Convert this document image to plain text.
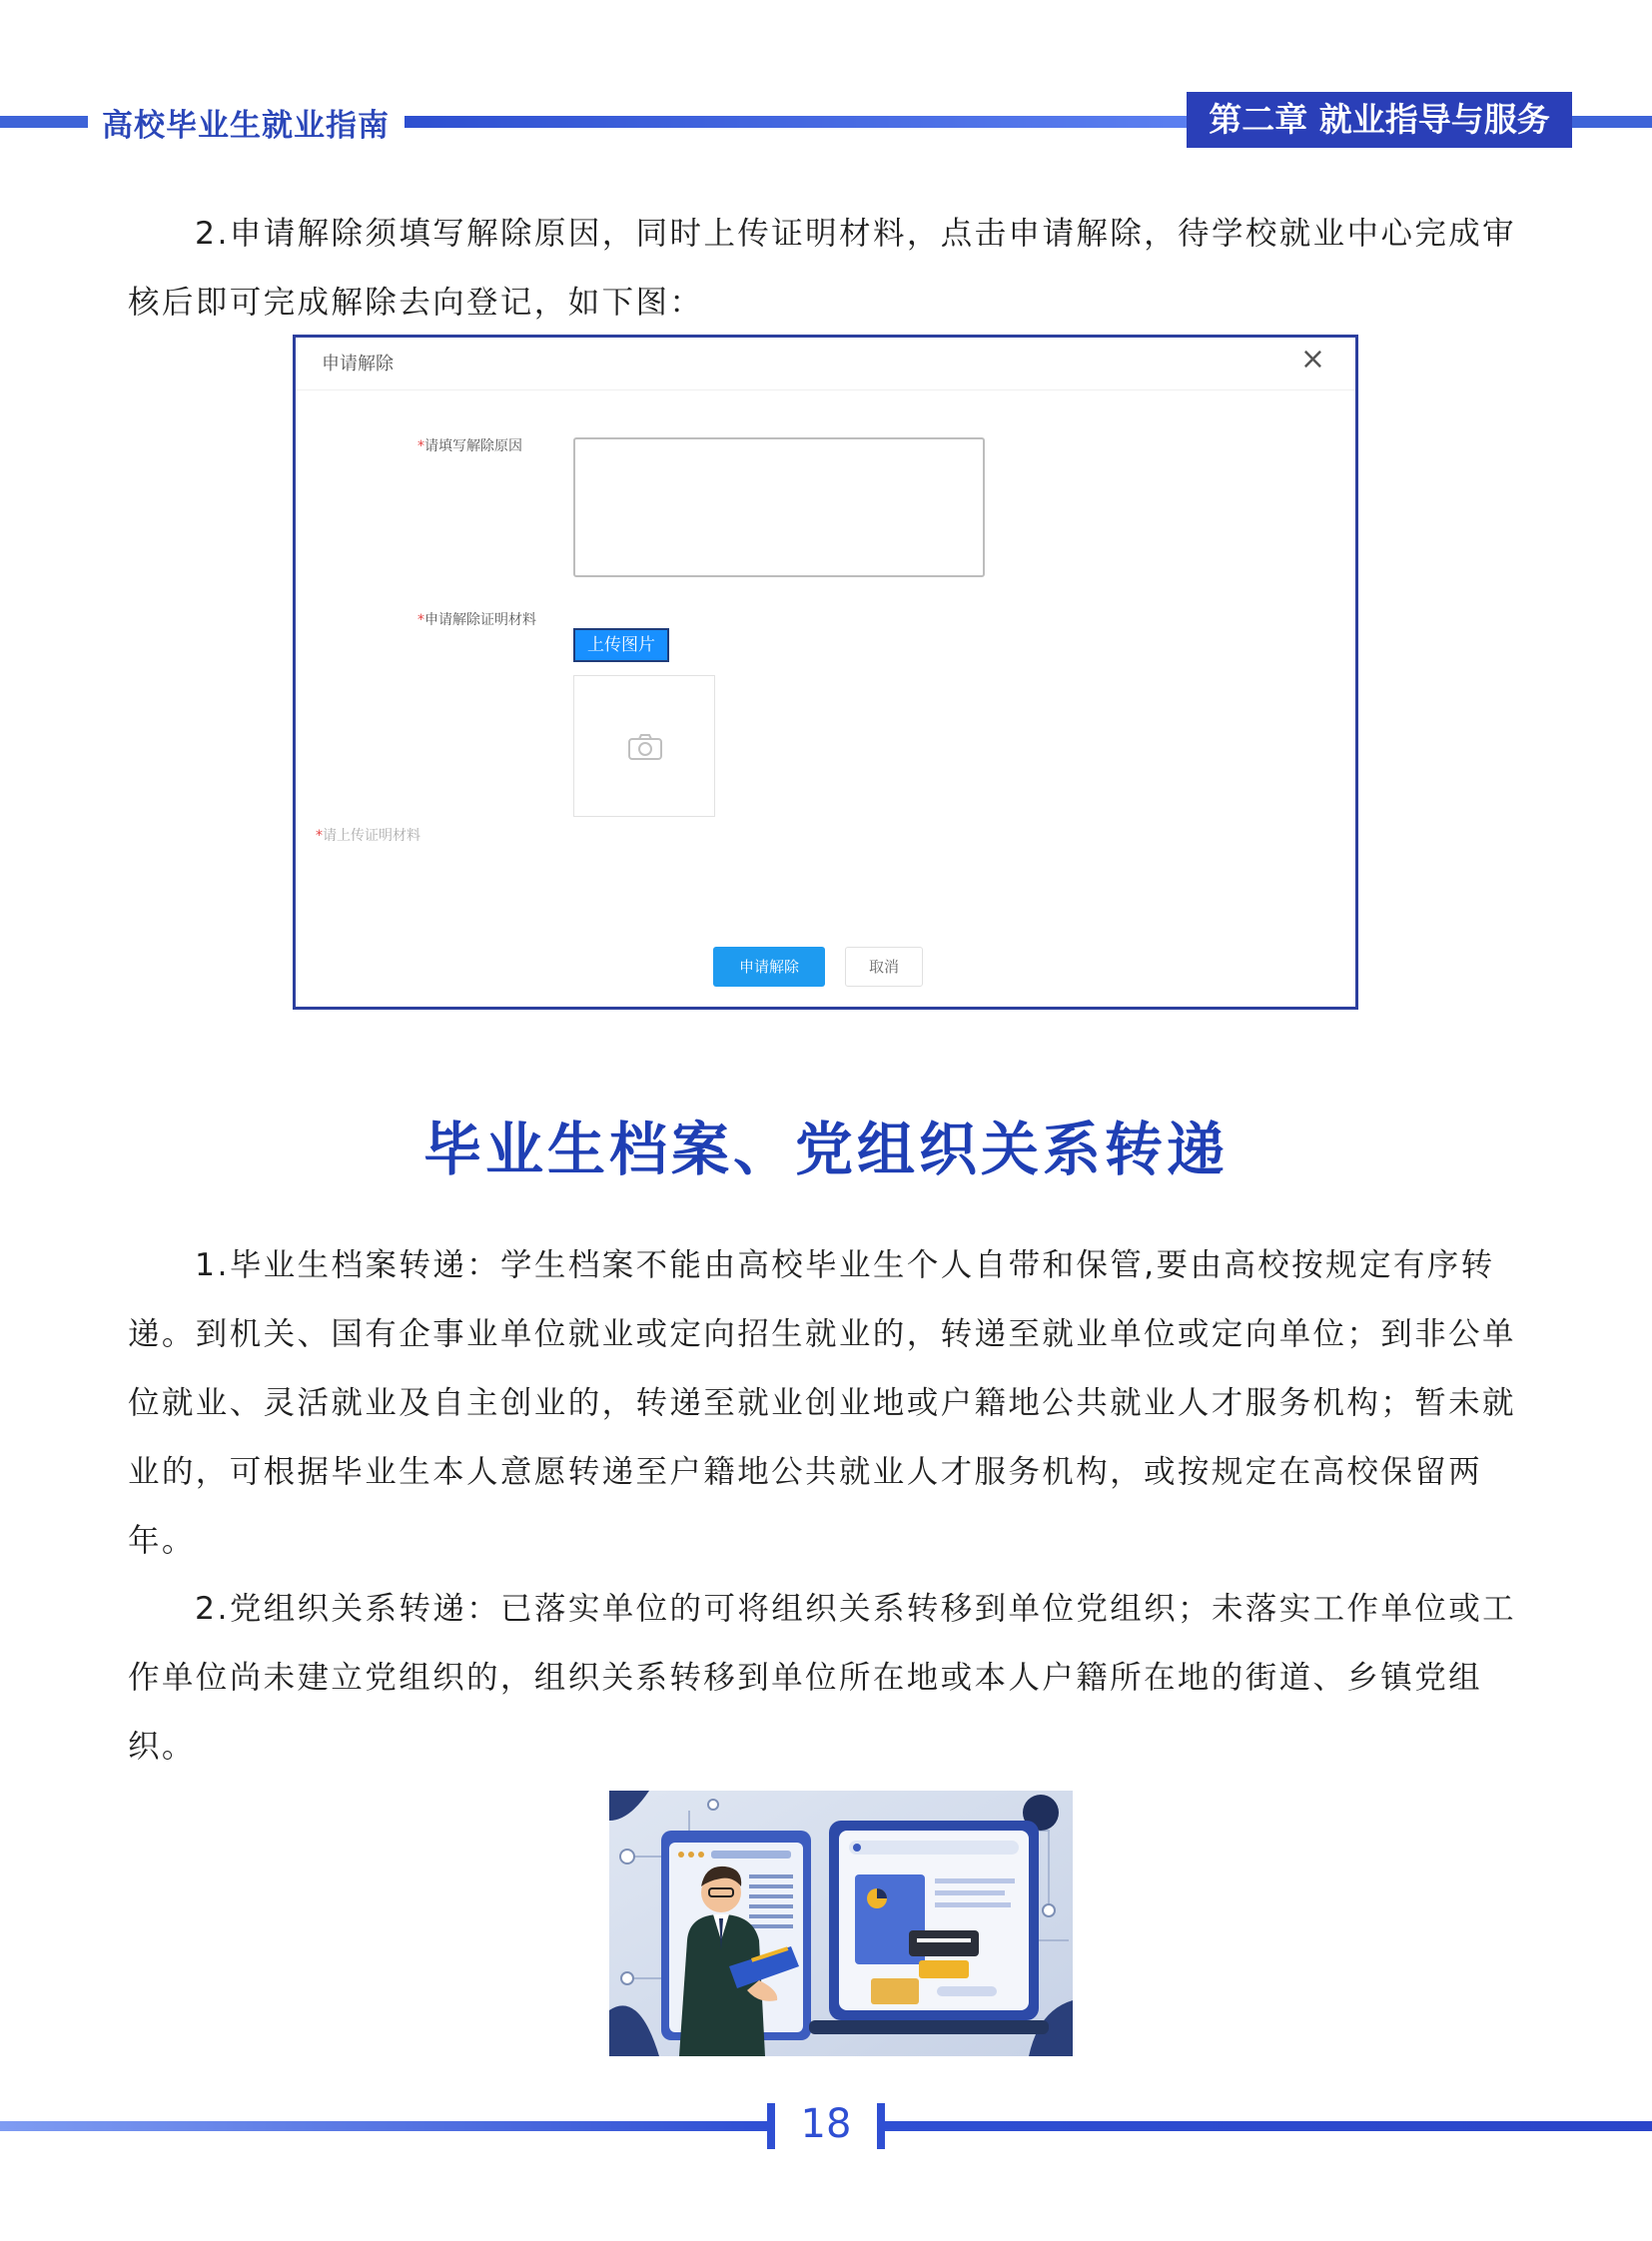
高校毕业生就业指南	第二章 就业指导与服务
2.申请解除须填写解除原因，同时上传证明材料，点击申请解除，待学校就业中心完成审核后即可完成解除去向登记，如下图：
申请解除	×
*请填写解除原因
*申请解除证明材料
上传图片
*请上传证明材料
申请解除	取消
毕业生档案、党组织关系转递
1.毕业生档案转递：学生档案不能由高校毕业生个人自带和保管,要由高校按规定有序转递。到机关、国有企事业单位就业或定向招生就业的，转递至就业单位或定向单位；到非公单位就业、灵活就业及自主创业的，转递至就业创业地或户籍地公共就业人才服务机构；暂未就业的，可根据毕业生本人意愿转递至户籍地公共就业人才服务机构，或按规定在高校保留两年。
2.党组织关系转递：已落实单位的可将组织关系转移到单位党组织；未落实工作单位或工作单位尚未建立党组织的，组织关系转移到单位所在地或本人户籍所在地的街道、乡镇党组织。
18
